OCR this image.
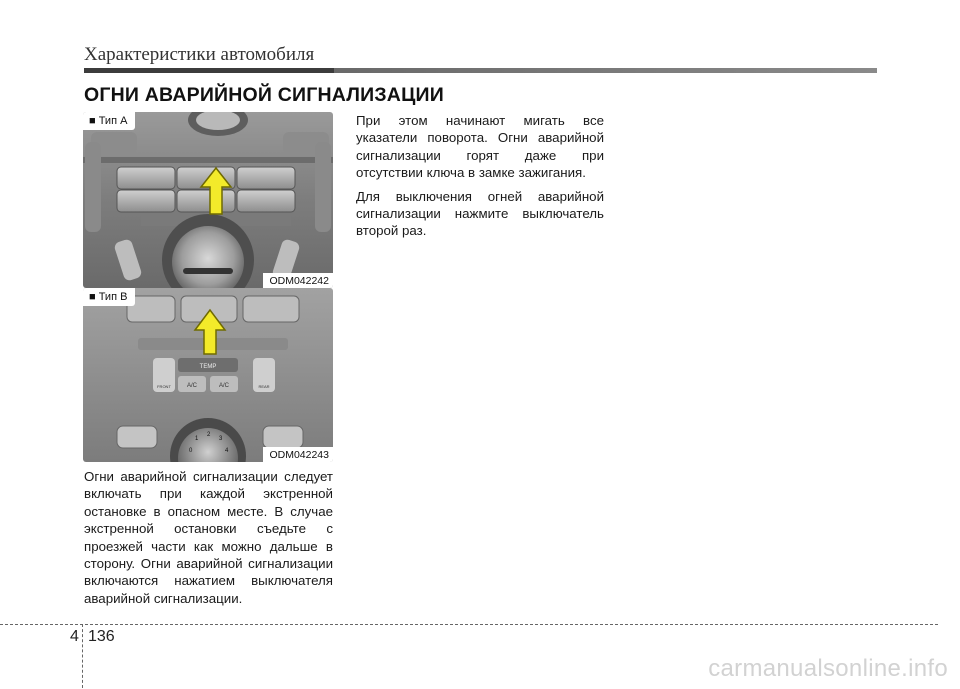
Характеристики автомобиля
ОГНИ АВАРИЙНОЙ СИГНАЛИЗАЦИИ
■ Тип A
ODM042242
TEMP
A/C	A/C
FRONT	REAR
1
2
3
4
0
■ Тип B
ODM042243

Огни аварийной сигнализации следует включать при каждой экстренной остановке в опасном месте. В случае экстренной остановки съедьте с проезжей части как можно дальше в сторону. Огни аварийной сигнализации включаются нажатием выключателя аварийной сигнализации.

При этом начинают мигать все указатели поворота. Огни аварийной сигнализации горят даже при отсутствии ключа в замке зажигания.

Для выключения огней аварийной сигнализации нажмите выключатель второй раз.

4 136
carmanualsonline.info
